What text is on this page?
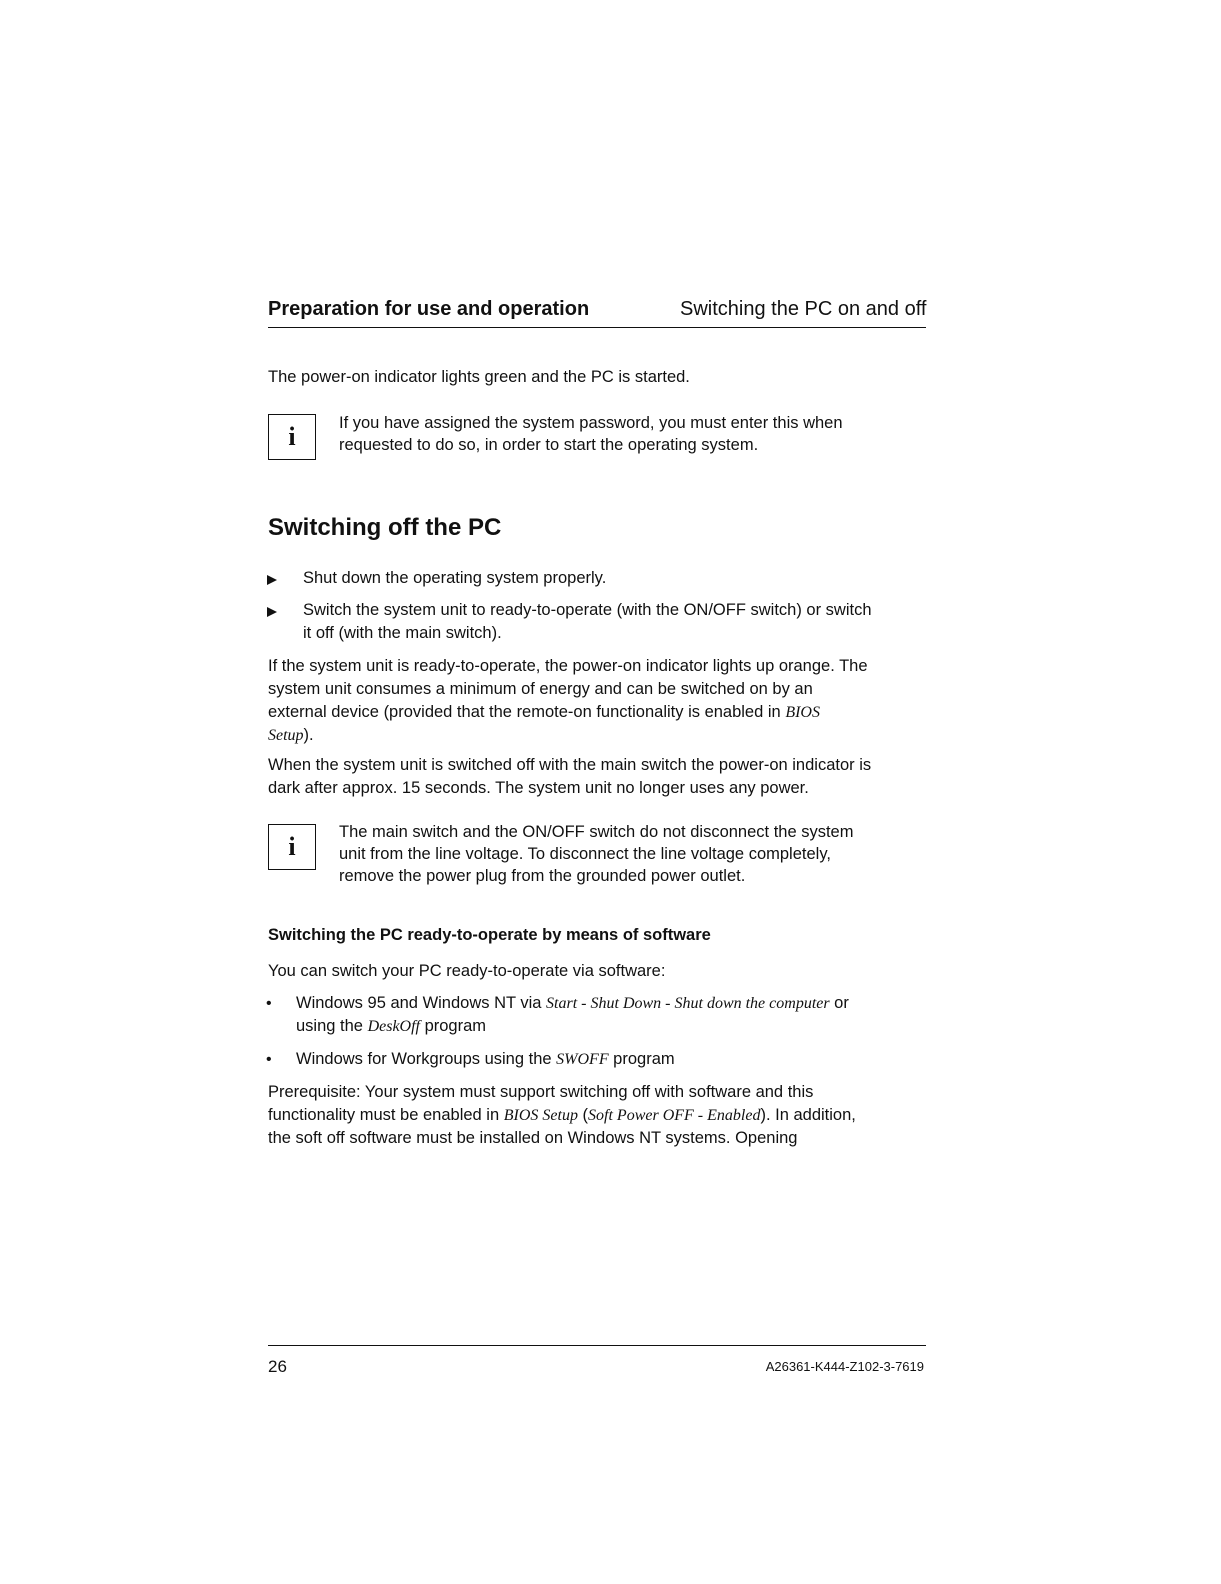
Preparation for use and operation	Switching the PC on and off
The power-on indicator lights green and the PC is started.
i	If you have assigned the system password, you must enter this when
requested to do so, in order to start the operating system.
Switching off the PC
Shut down the operating system properly.
Switch the system unit to ready-to-operate (with the ON/OFF switch) or switch
it off (with the main switch).
If the system unit is ready-to-operate, the power-on indicator lights up orange. The
system unit consumes a minimum of energy and can be switched on by an
external device (provided that the remote-on functionality is enabled in BIOS
Setup).
When the system unit is switched off with the main switch the power-on indicator is
dark after approx. 15 seconds. The system unit no longer uses any power.
i	The main switch and the ON/OFF switch do not disconnect the system
unit from the line voltage. To disconnect the line voltage completely,
remove the power plug from the grounded power outlet.
Switching the PC ready-to-operate by means of software
You can switch your PC ready-to-operate via software:
• Windows 95 and Windows NT via Start - Shut Down - Shut down the computer or
using the DeskOff program
• Windows for Workgroups using the SWOFF program
Prerequisite: Your system must support switching off with software and this
functionality must be enabled in BIOS Setup (Soft Power OFF - Enabled). In addition,
the soft off software must be installed on Windows NT systems. Opening
26	A26361-K444-Z102-3-7619
